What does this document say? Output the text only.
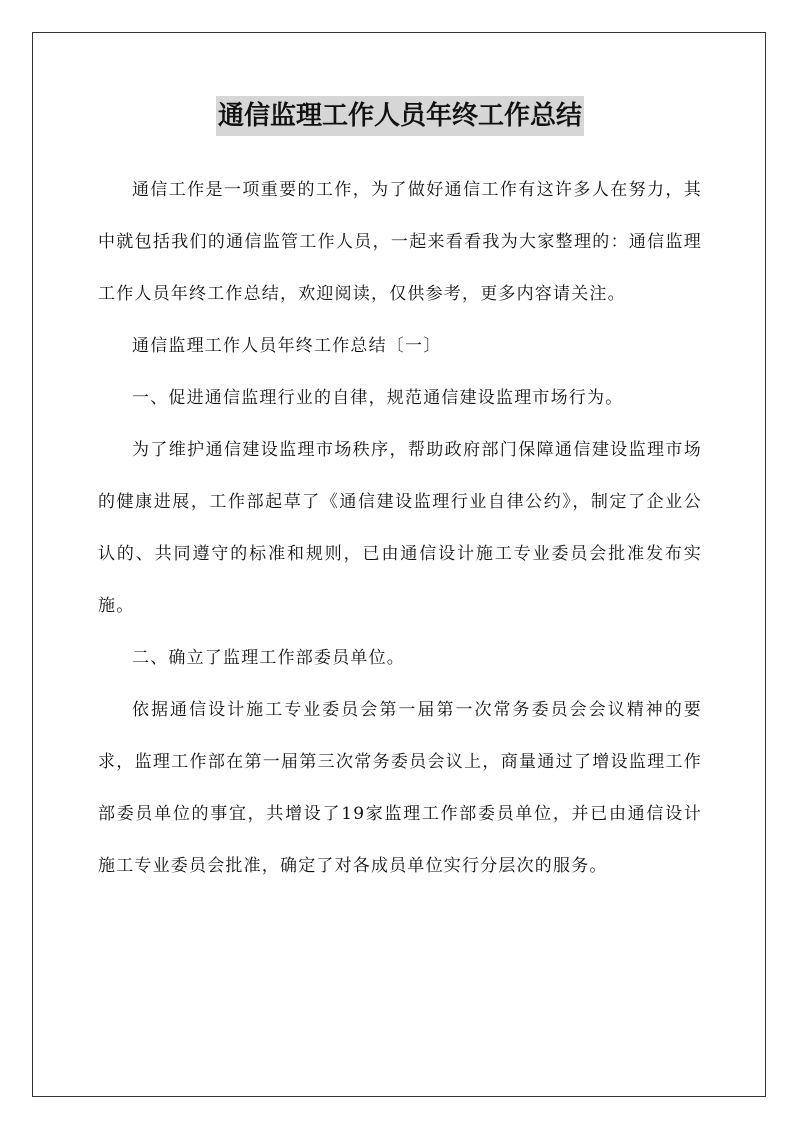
通信监理工作人员年终工作总结

通信工作是一项重要的工作，为了做好通信工作有这许多人在努力，其中就包括我们的通信监管工作人员，一起来看看我为大家整理的：通信监理工作人员年终工作总结，欢迎阅读，仅供参考，更多内容请关注。

通信监理工作人员年终工作总结〔一〕

一、促进通信监理行业的自律，规范通信建设监理市场行为。

为了维护通信建设监理市场秩序，帮助政府部门保障通信建设监理市场的健康进展，工作部起草了《通信建设监理行业自律公约》，制定了企业公认的、共同遵守的标准和规则，已由通信设计施工专业委员会批准发布实施。

二、确立了监理工作部委员单位。

依据通信设计施工专业委员会第一届第一次常务委员会会议精神的要求，监理工作部在第一届第三次常务委员会议上，商量通过了增设监理工作部委员单位的事宜，共增设了19家监理工作部委员单位，并已由通信设计施工专业委员会批准，确定了对各成员单位实行分层次的服务。
